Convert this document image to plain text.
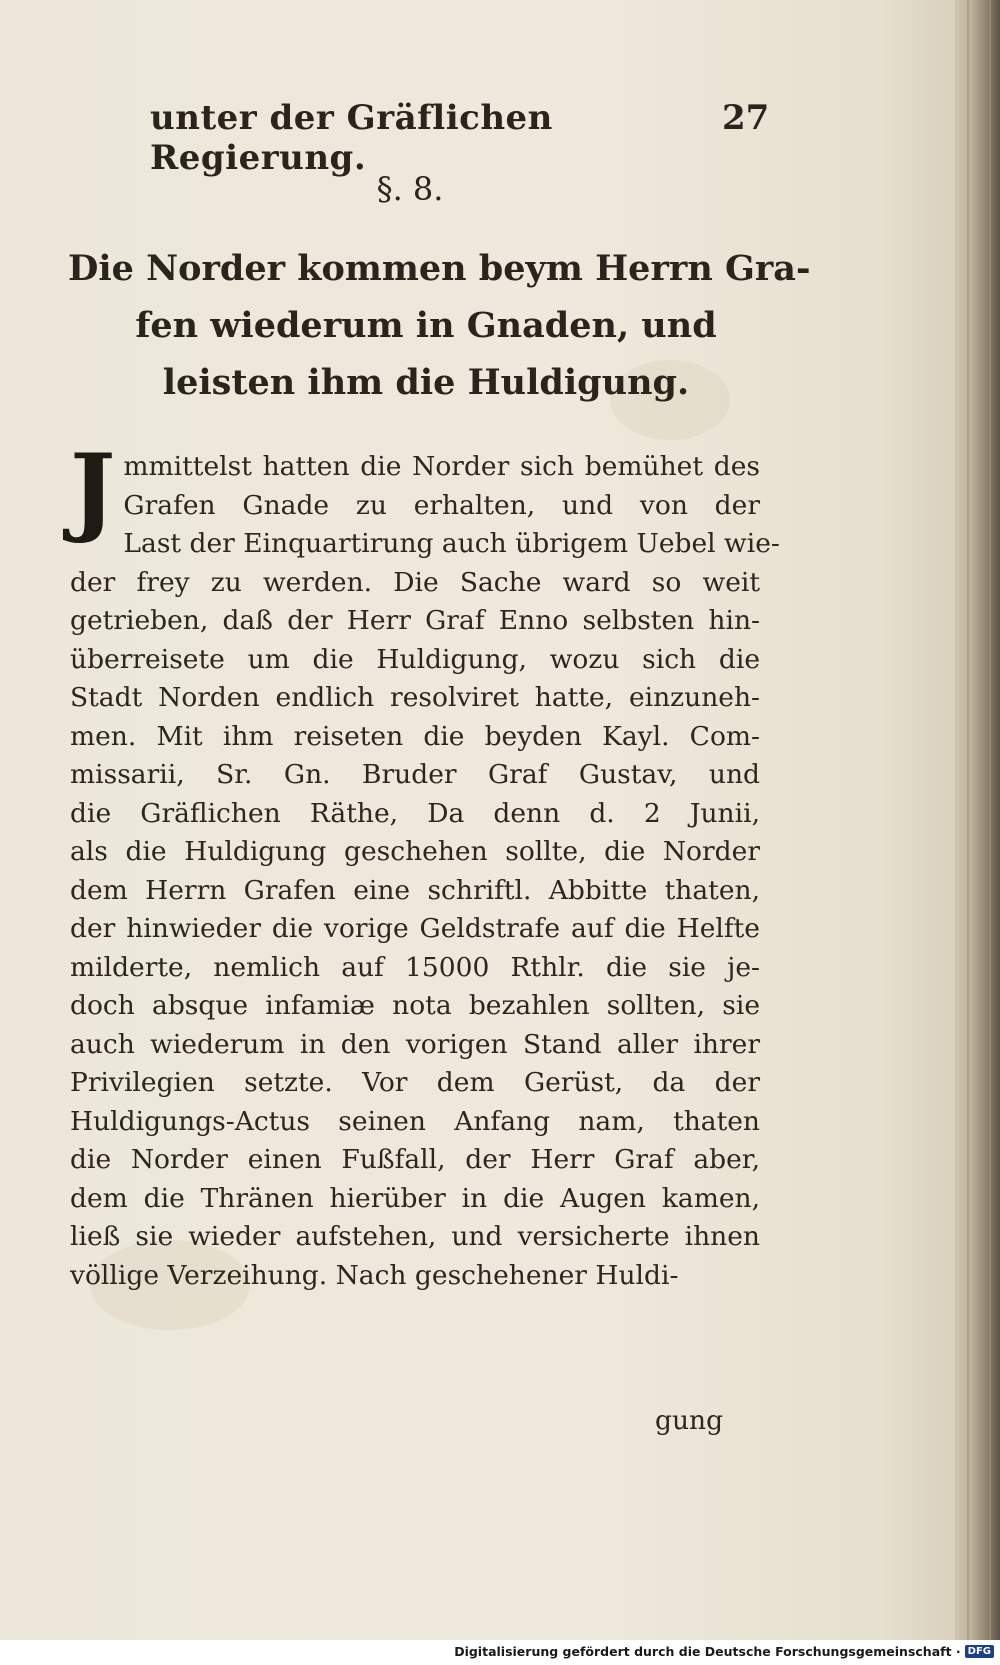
unter der Gräflichen Regierung.
27
§. 8.
Die Norder kommen beym Herrn Gra-
fen wiederum in Gnaden, und
leisten ihm die Huldigung.
J mmittelst hatten die Norder sich bemühet des
Grafen Gnade zu erhalten, und von der
Last der Einquartirung auch übrigem Uebel wie-
der frey zu werden. Die Sache ward so weit
getrieben, daß der Herr Graf Enno selbsten hin-
überreisete um die Huldigung, wozu sich die
Stadt Norden endlich resolviret hatte, einzuneh-
men. Mit ihm reiseten die beyden Kayl. Com-
missarii, Sr. Gn. Bruder Graf Gustav, und
die Gräflichen Räthe, Da denn d. 2 Junii,
als die Huldigung geschehen sollte, die Norder
dem Herrn Grafen eine schriftl. Abbitte thaten,
der hinwieder die vorige Geldstrafe auf die Helfte
milderte, nemlich auf 15000 Rthlr. die sie je-
doch absque infamiæ nota bezahlen sollten, sie
auch wiederum in den vorigen Stand aller ihrer
Privilegien setzte. Vor dem Gerüst, da der
Huldigungs-Actus seinen Anfang nam, thaten
die Norder einen Fußfall, der Herr Graf aber,
dem die Thränen hierüber in die Augen kamen,
ließ sie wieder aufstehen, und versicherte ihnen
völlige Verzeihung. Nach geschehener Huldi-
gung
Digitalisierung gefördert durch die Deutsche Forschungsgemeinschaft · DFG
